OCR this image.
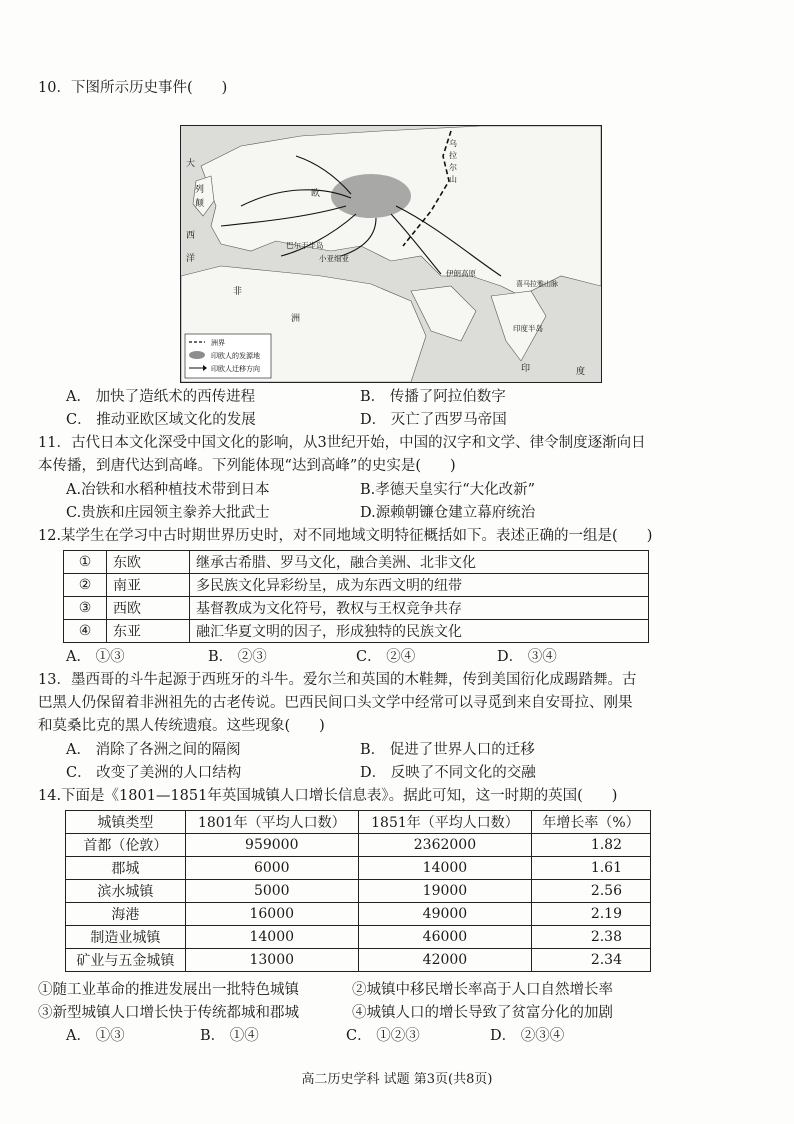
10．下图所示历史事件(　　)
大
西
洋
列
颠
欧
非
洲
巴尔干半岛
小亚细亚
伊朗高原
印度半岛
印	度
喜马拉雅山脉
乌
拉
尔
山
洲界
印欧人的发源地
印欧人迁移方向
A． 加快了造纸术的西传进程	B． 传播了阿拉伯数字
C． 推动亚欧区域文化的发展	D． 灭亡了西罗马帝国
11．古代日本文化深受中国文化的影响，从3世纪开始，中国的汉字和文学、律令制度逐渐向日
本传播，到唐代达到高峰。下列能体现“达到高峰”的史实是(　　)
A.冶铁和水稻种植技术带到日本	B.孝德天皇实行“大化改新”
C.贵族和庄园领主豢养大批武士	D.源赖朝镰仓建立幕府统治
12.某学生在学习中古时期世界历史时，对不同地域文明特征概括如下。表述正确的一组是(　　)
①	东欧	继承古希腊、罗马文化，融合美洲、北非文化
②	南亚	多民族文化异彩纷呈，成为东西文明的纽带
③	西欧	基督教成为文化符号，教权与王权竞争共存
④	东亚	融汇华夏文明的因子，形成独特的民族文化
A． ①③	B． ②③	C． ②④	D． ③④
13．墨西哥的斗牛起源于西班牙的斗牛。爱尔兰和英国的木鞋舞，传到美国衍化成踢踏舞。古
巴黑人仍保留着非洲祖先的古老传说。巴西民间口头文学中经常可以寻觅到来自安哥拉、刚果
和莫桑比克的黑人传统遗痕。这些现象(　　)
A． 消除了各洲之间的隔阂	B． 促进了世界人口的迁移
C． 改变了美洲的人口结构	D． 反映了不同文化的交融
14.下面是《1801—1851年英国城镇人口增长信息表》。据此可知，这一时期的英国(　　)
城镇类型	1801年（平均人口数）	1851年（平均人口数）	年增长率（%）
首都（伦敦）	959000	2362000	1.82
郡城	6000	14000	1.61
滨水城镇	5000	19000	2.56
海港	16000	49000	2.19
制造业城镇	14000	46000	2.38
矿业与五金城镇	13000	42000	2.34
①随工业革命的推进发展出一批特色城镇	②城镇中移民增长率高于人口自然增长率
③新型城镇人口增长快于传统都城和郡城	④城镇人口的增长导致了贫富分化的加剧
A． ①③	B． ①④	C． ①②③	D． ②③④
高二历史学科 试题 第3页(共8页)
